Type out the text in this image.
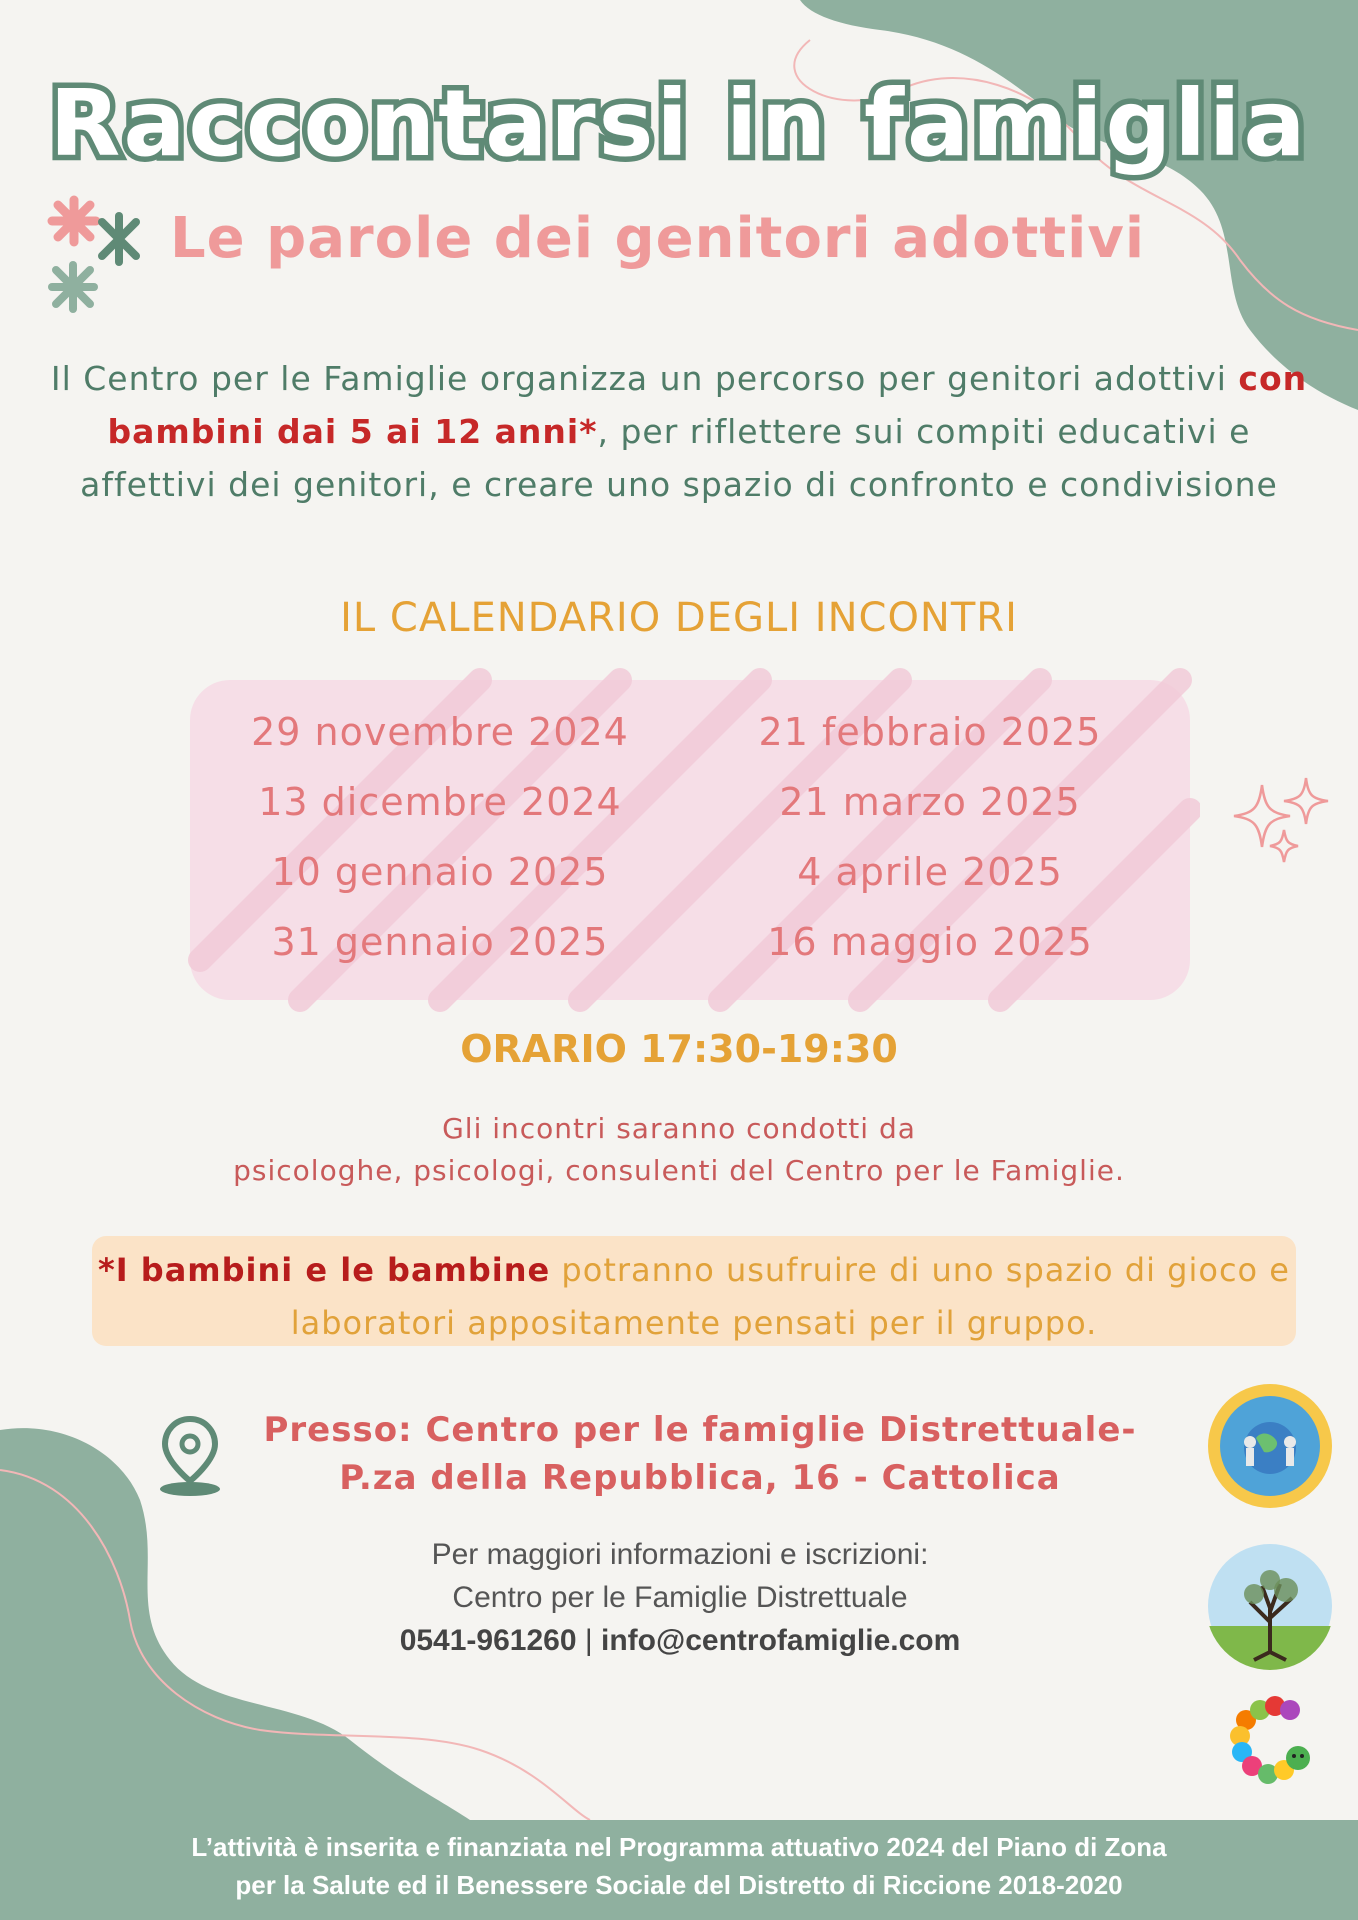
Raccontarsi in famiglia
Le parole dei genitori adottivi
Il Centro per le Famiglie organizza un percorso per genitori adottivi con bambini dai 5 ai 12 anni*, per riflettere sui compiti educativi e affettivi dei genitori, e creare uno spazio di confronto e condivisione
IL CALENDARIO DEGLI INCONTRI
29 novembre 2024
13 dicembre 2024
10 gennaio 2025
31 gennaio 2025
21 febbraio 2025
21 marzo 2025
4 aprile 2025
16 maggio 2025
ORARIO 17:30-19:30
Gli incontri saranno condotti da
psicologhe, psicologi, consulenti del Centro per le Famiglie.
*I bambini e le bambine potranno usufruire di uno spazio di gioco e laboratori appositamente pensati per il gruppo.
Presso: Centro per le famiglie Distrettuale-
P.za della Repubblica, 16 - Cattolica
Per maggiori informazioni e iscrizioni:
Centro per le Famiglie Distrettuale
0541-961260 | info@centrofamiglie.com
L’attività è inserita e finanziata nel Programma attuativo 2024 del Piano di Zona
per la Salute ed il Benessere Sociale del Distretto di Riccione 2018-2020
